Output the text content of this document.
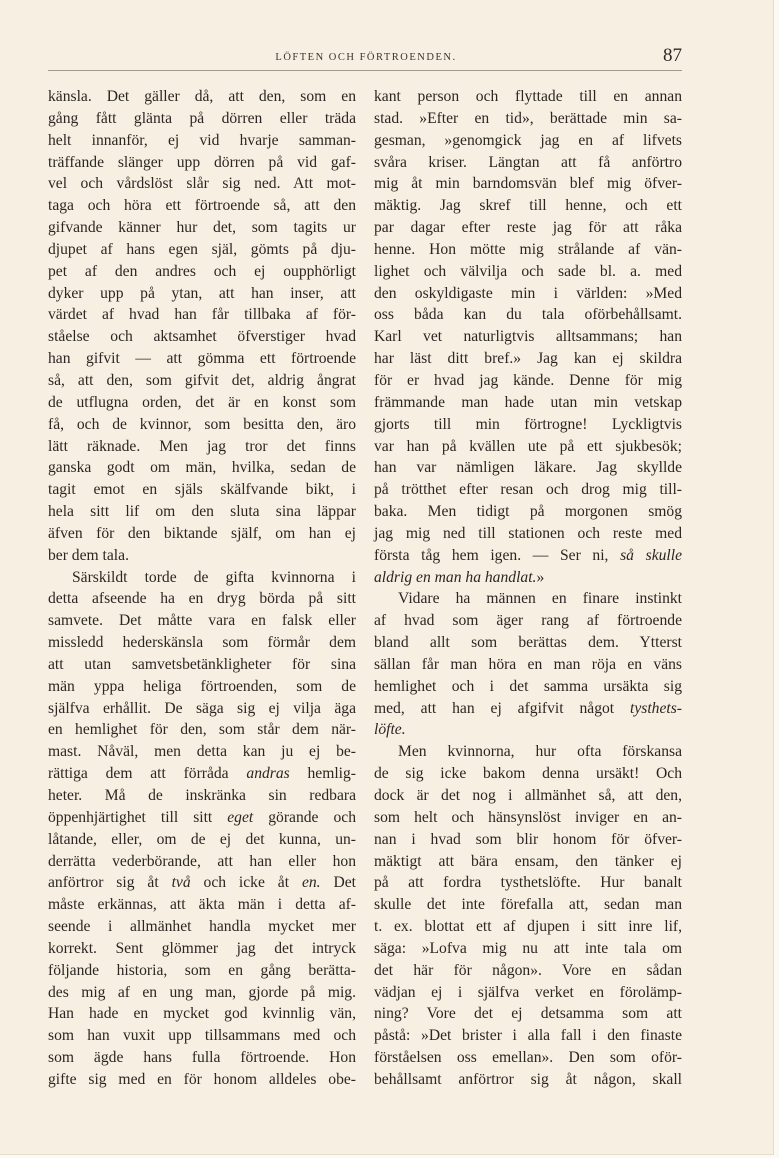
LÖFTEN OCH FÖRTROENDEN.	87
känsla. Det gäller då, att den, som en
gång fått glänta på dörren eller träda
helt innanför, ej vid hvarje samman-
träffande slänger upp dörren på vid gaf-
vel och vårdslöst slår sig ned. Att mot-
taga och höra ett förtroende så, att den
gifvande känner hur det, som tagits ur
djupet af hans egen själ, gömts på dju-
pet af den andres och ej oupphörligt
dyker upp på ytan, att han inser, att
värdet af hvad han får tillbaka af för-
ståelse och aktsamhet öfverstiger hvad
han gifvit — att gömma ett förtroende
så, att den, som gifvit det, aldrig ångrat
de utflugna orden, det är en konst som
få, och de kvinnor, som besitta den, äro
lätt räknade. Men jag tror det finns
ganska godt om män, hvilka, sedan de
tagit emot en själs skälfvande bikt, i
hela sitt lif om den sluta sina läppar
äfven för den biktande själf, om han ej
ber dem tala.
Särskildt torde de gifta kvinnorna i
detta afseende ha en dryg börda på sitt
samvete. Det måtte vara en falsk eller
missledd hederskänsla som förmår dem
att utan samvetsbetänkligheter för sina
män yppa heliga förtroenden, som de
själfva erhållit. De säga sig ej vilja äga
en hemlighet för den, som står dem när-
mast. Nåväl, men detta kan ju ej be-
rättiga dem att förråda andras hemlig-
heter. Må de inskränka sin redbara
öppenhjärtighet till sitt eget görande och
låtande, eller, om de ej det kunna, un-
derrätta vederbörande, att han eller hon
anförtror sig åt två och icke åt en. Det
måste erkännas, att äkta män i detta af-
seende i allmänhet handla mycket mer
korrekt. Sent glömmer jag det intryck
följande historia, som en gång berätta-
des mig af en ung man, gjorde på mig.
Han hade en mycket god kvinnlig vän,
som han vuxit upp tillsammans med och
som ägde hans fulla förtroende. Hon
gifte sig med en för honom alldeles obe-
kant person och flyttade till en annan
stad. »Efter en tid», berättade min sa-
gesman, »genomgick jag en af lifvets
svåra kriser. Längtan att få anförtro
mig åt min barndomsvän blef mig öfver-
mäktig. Jag skref till henne, och ett
par dagar efter reste jag för att råka
henne. Hon mötte mig strålande af vän-
lighet och välvilja och sade bl. a. med
den oskyldigaste min i världen: »Med
oss båda kan du tala oförbehållsamt.
Karl vet naturligtvis alltsammans; han
har läst ditt bref.» Jag kan ej skildra
för er hvad jag kände. Denne för mig
främmande man hade utan min vetskap
gjorts till min förtrogne! Lyckligtvis
var han på kvällen ute på ett sjukbesök;
han var nämligen läkare. Jag skyllde
på trötthet efter resan och drog mig till-
baka. Men tidigt på morgonen smög
jag mig ned till stationen och reste med
första tåg hem igen. — Ser ni, så skulle
aldrig en man ha handlat.»
Vidare ha männen en finare instinkt
af hvad som äger rang af förtroende
bland allt som berättas dem. Ytterst
sällan får man höra en man röja en väns
hemlighet och i det samma ursäkta sig
med, att han ej afgifvit något tysthets-
löfte.
Men kvinnorna, hur ofta förskansa
de sig icke bakom denna ursäkt! Och
dock är det nog i allmänhet så, att den,
som helt och hänsynslöst inviger en an-
nan i hvad som blir honom för öfver-
mäktigt att bära ensam, den tänker ej
på att fordra tysthetslöfte. Hur banalt
skulle det inte förefalla att, sedan man
t. ex. blottat ett af djupen i sitt inre lif,
säga: »Lofva mig nu att inte tala om
det här för någon». Vore en sådan
vädjan ej i själfva verket en förolämp-
ning? Vore det ej detsamma som att
påstå: »Det brister i alla fall i den finaste
förståelsen oss emellan». Den som oför-
behållsamt anförtror sig åt någon, skall
